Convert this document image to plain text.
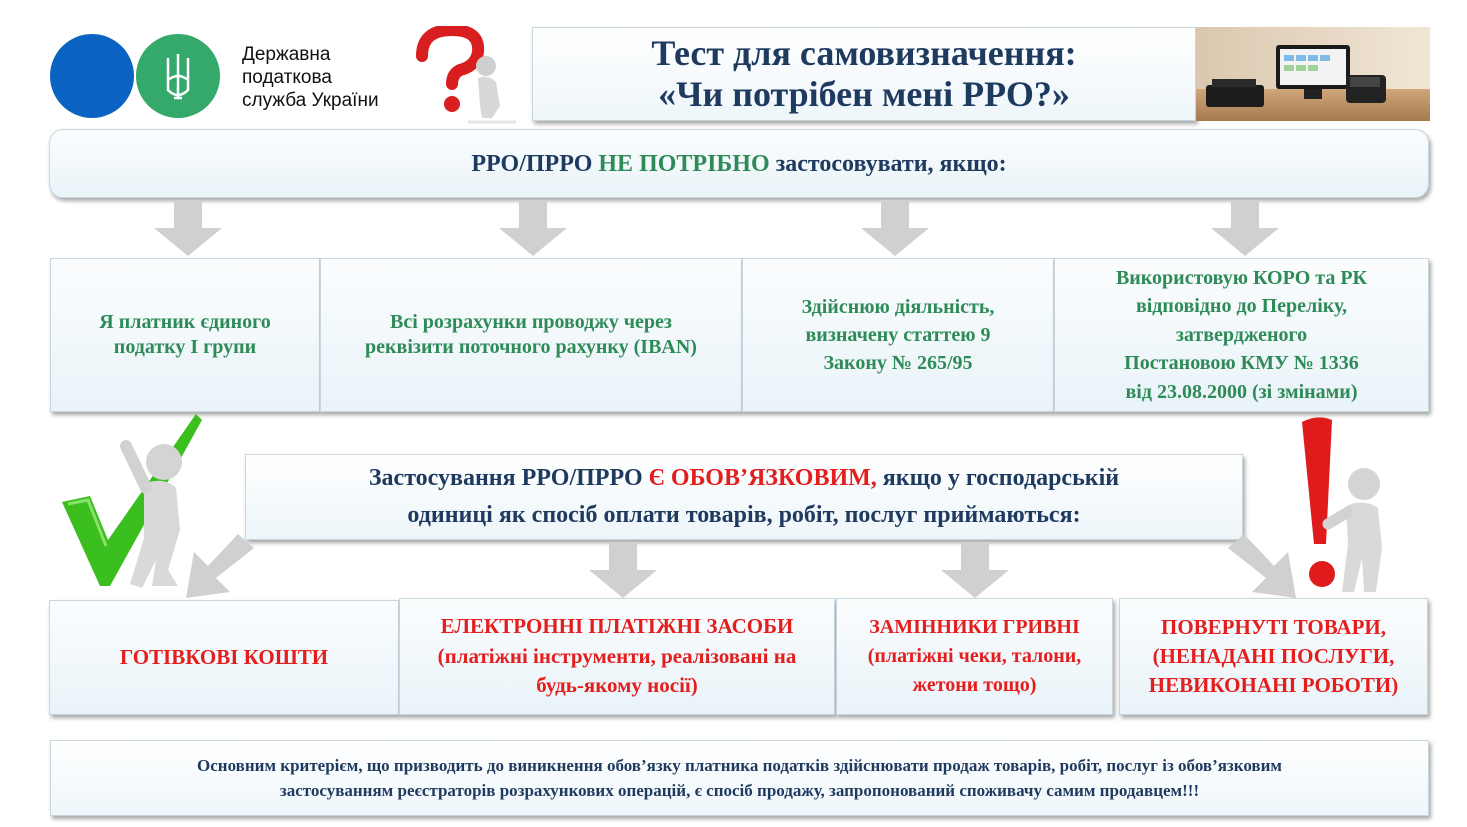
Державна
податкова
служба України
Тест для самовизначення:
«Чи потрібен мені РРО?»
РРО/ПРРО НЕ ПОТРІБНО застосовувати, якщо:
Я платник єдиного
податку І групи
Всі розрахунки проводжу через
реквізити поточного рахунку (IBAN)
Здійснюю діяльність,
визначену статтею 9
Закону № 265/95
Використовую КОРО та РК
відповідно до Переліку,
затвердженого
Постановою КМУ № 1336
від 23.08.2000 (зі змінами)
Застосування РРО/ПРРО Є ОБОВ’ЯЗКОВИМ, якщо у господарській
одиниці як спосіб оплати товарів, робіт, послуг приймаються:
ГОТІВКОВІ КОШТИ
ЕЛЕКТРОННІ ПЛАТІЖНІ ЗАСОБИ
(платіжні інструменти, реалізовані на
будь-якому носії)
ЗАМІННИКИ ГРИВНІ
(платіжні чеки, талони,
жетони тощо)
ПОВЕРНУТІ ТОВАРИ,
(НЕНАДАНІ ПОСЛУГИ,
НЕВИКОНАНІ РОБОТИ)
Основним критерієм, що призводить до виникнення обов’язку платника податків здійснювати продаж товарів, робіт, послуг із обов’язковим
застосуванням реєстраторів розрахункових операцій, є спосіб продажу, запропонований споживачу самим продавцем!!!
